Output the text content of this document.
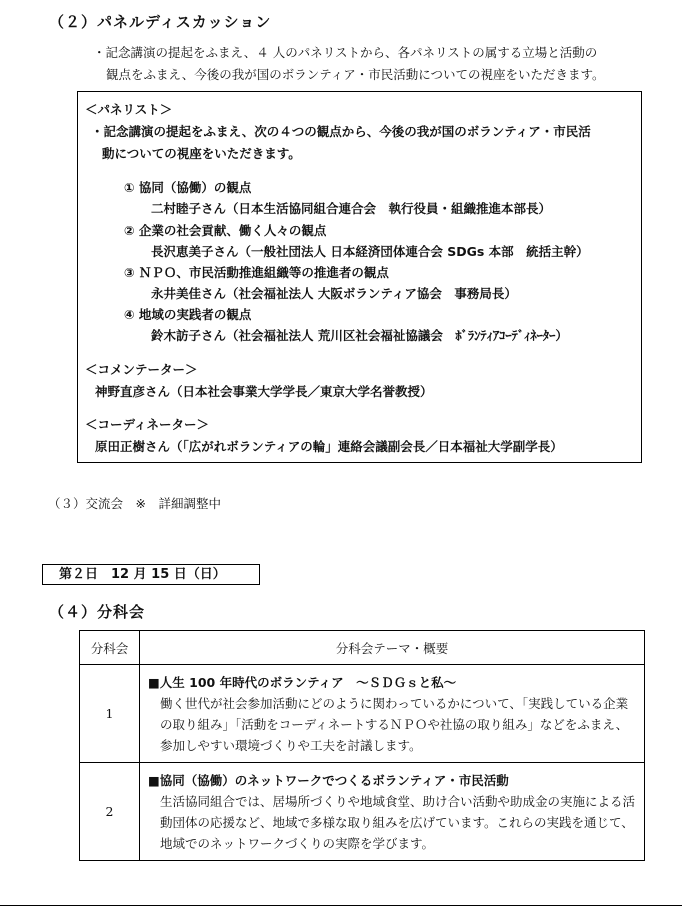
（２）パネルディスカッション
・記念講演の提起をふまえ、４ 人のパネリストから、各パネリストの属する立場と活動の
観点をふまえ、今後の我が国のボランティア・市民活動についての視座をいただきます。
＜パネリスト＞
・記念講演の提起をふまえ、次の４つの観点から、今後の我が国のボランティア・市民活
動についての視座をいただきます。
① 協同（協働）の観点
二村睦子さん（日本生活協同組合連合会　執行役員・組織推進本部長）
② 企業の社会貢献、働く人々の観点
長沢恵美子さん（一般社団法人 日本経済団体連合会 SDGs 本部　統括主幹）
③ ＮＰＯ、市民活動推進組織等の推進者の観点
永井美佳さん（社会福祉法人 大阪ボランティア協会　事務局長）
④ 地域の実践者の観点
鈴木訪子さん（社会福祉法人 荒川区社会福祉協議会　ﾎﾞﾗﾝﾃｨｱｺｰﾃﾞｨﾈｰﾀｰ）
＜コメンテーター＞
神野直彦さん（日本社会事業大学学長／東京大学名誉教授）
＜コーディネーター＞
原田正樹さん（「広がれボランティアの輪」連絡会議副会長／日本福祉大学副学長）
（３）交流会　※　詳細調整中
第２日　12 月 15 日（日）
（４）分科会
分科会	分科会テーマ・概要
1	■人生 100 年時代のボランティア　～ＳＤＧｓと私～
働く世代が社会参加活動にどのように関わっているかについて、「実践している企業の取り組み」「活動をコーディネートするＮＰＯや社協の取り組み」などをふまえ、参加しやすい環境づくりや工夫を討議します。

2	■協同（協働）のネットワークでつくるボランティア・市民活動
生活協同組合では、居場所づくりや地域食堂、助け合い活動や助成金の実施による活動団体の応援など、地域で多様な取り組みを広げています。これらの実践を通じて、地域でのネットワークづくりの実際を学びます。
